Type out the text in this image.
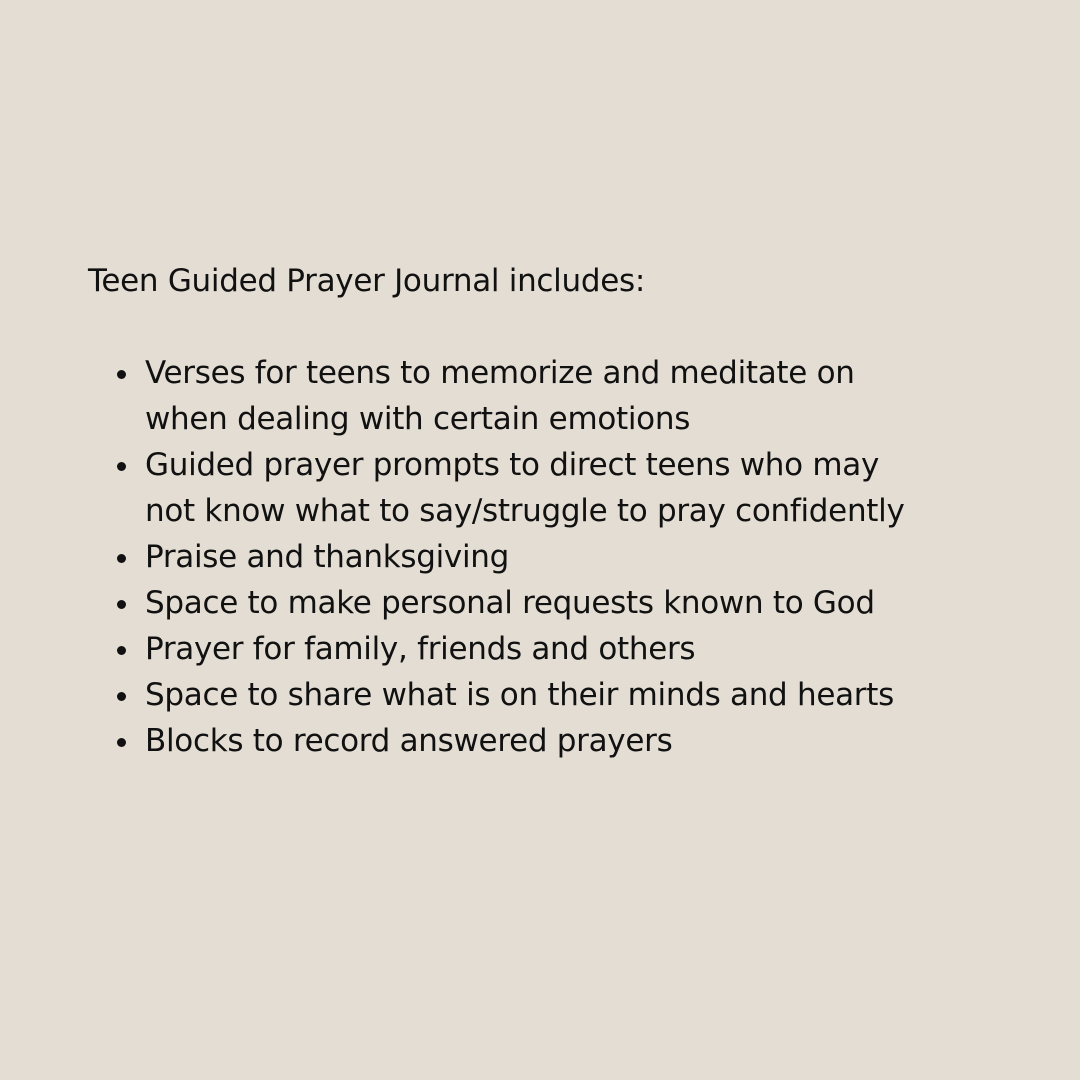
Teen Guided Prayer Journal includes:
Verses for teens to memorize and meditate on
when dealing with certain emotions
Guided prayer prompts to direct teens who may
not know what to say/struggle to pray confidently
Praise and thanksgiving
Space to make personal requests known to God
Prayer for family, friends and others
Space to share what is on their minds and hearts
Blocks to record answered prayers
